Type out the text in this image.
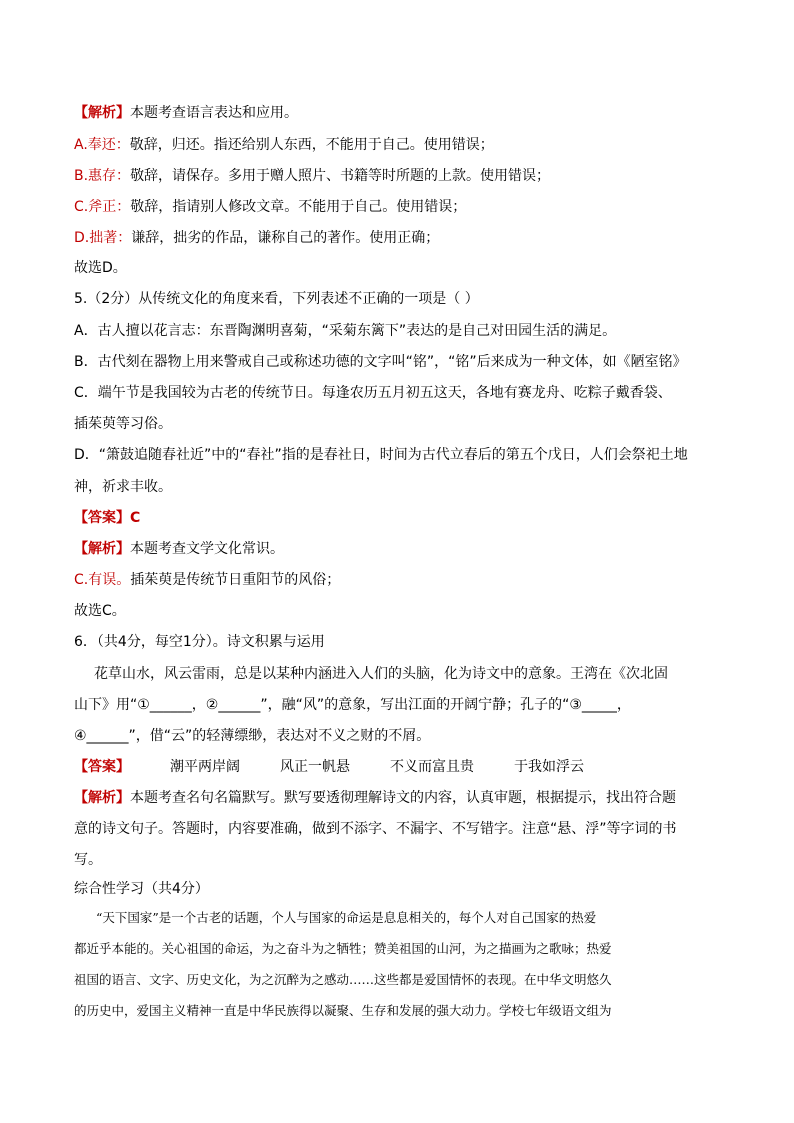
【解析】本题考查语言表达和应用。
A.奉还：敬辞，归还。指还给别人东西，不能用于自己。使用错误；
B.惠存：敬辞，请保存。多用于赠人照片、书籍等时所题的上款。使用错误；
C.斧正：敬辞，指请别人修改文章。不能用于自己。使用错误；
D.拙著：谦辞，拙劣的作品，谦称自己的著作。使用正确；
故选D。
5.（2分）从传统文化的角度来看，下列表述不正确的一项是（ ）
A．古人擅以花言志：东晋陶渊明喜菊，“采菊东篱下”表达的是自己对田园生活的满足。
B．古代刻在器物上用来警戒自己或称述功德的文字叫“铭”，“铭”后来成为一种文体，如《陋室铭》
C．端午节是我国较为古老的传统节日。每逢农历五月初五这天，各地有赛龙舟、吃粽子戴香袋、
插茱萸等习俗。
D．“箫鼓追随春社近”中的“春社”指的是春社日，时间为古代立春后的第五个戊日，人们会祭祀土地
神，祈求丰收。
【答案】C
【解析】本题考查文学文化常识。
C.有误。插茱萸是传统节日重阳节的风俗；
故选C。
6．（共4分，每空1分）。诗文积累与运用
花草山水，风云雷雨，总是以某种内涵进入人们的头脑，化为诗文中的意象。王湾在《次北固
山下》用“①______，②______”，融“风”的意象，写出江面的开阔宁静；孔子的“③_____，
④______”，借“云”的轻薄缥缈，表达对不义之财的不屑。
【答案】	潮平两岸阔	风正一帆悬	不义而富且贵	于我如浮云
【解析】本题考查名句名篇默写。默写要透彻理解诗文的内容，认真审题，根据提示，找出符合题
意的诗文句子。答题时，内容要准确，做到不添字、不漏字、不写错字。注意“悬、浮”等字词的书
写。
综合性学习（共4分）
“天下国家”是一个古老的话题，个人与国家的命运是息息相关的，每个人对自己国家的热爱
都近乎本能的。关心祖国的命运，为之奋斗为之牺牲；赞美祖国的山河，为之描画为之歌咏；热爱
祖国的语言、文字、历史文化，为之沉醉为之感动……这些都是爱国情怀的表现。在中华文明悠久
的历史中，爱国主义精神一直是中华民族得以凝聚、生存和发展的强大动力。学校七年级语文组为
